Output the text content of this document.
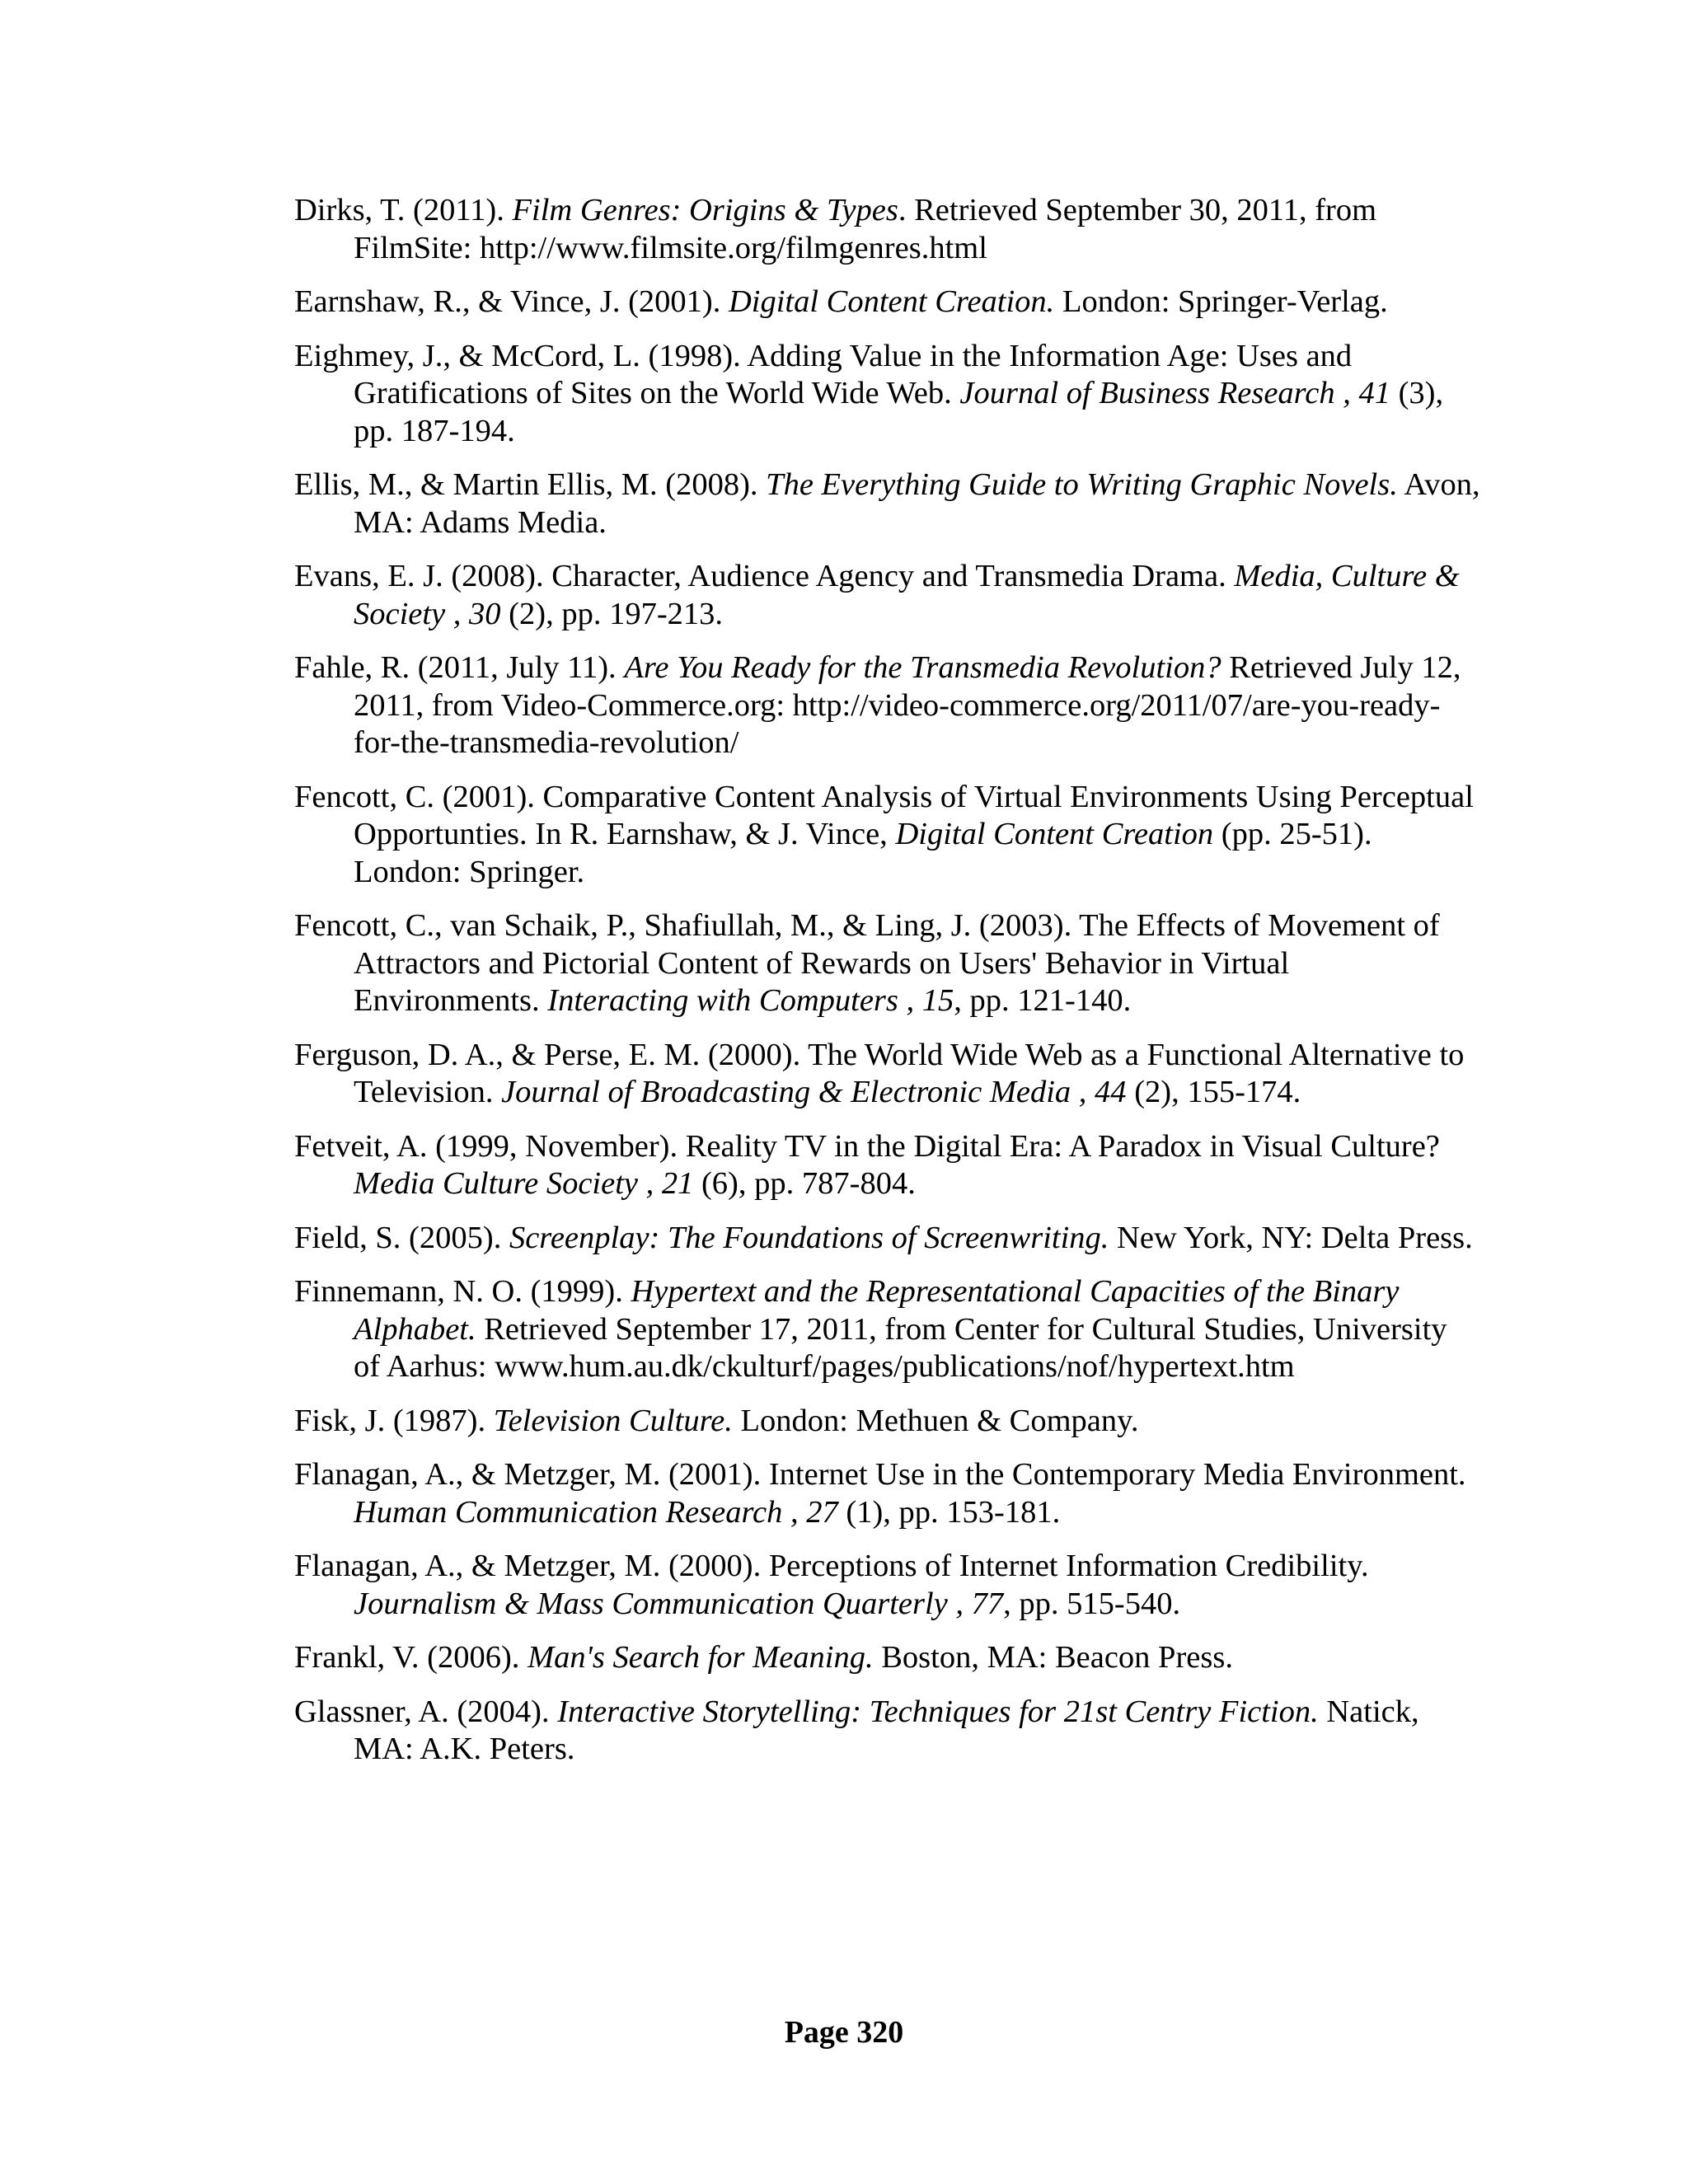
Dirks, T. (2011). Film Genres: Origins & Types. Retrieved September 30, 2011, from FilmSite: http://www.filmsite.org/filmgenres.html

Earnshaw, R., & Vince, J. (2001). Digital Content Creation. London: Springer-Verlag.

Eighmey, J., & McCord, L. (1998). Adding Value in the Information Age: Uses and Gratifications of Sites on the World Wide Web. Journal of Business Research , 41 (3), pp. 187-194.

Ellis, M., & Martin Ellis, M. (2008). The Everything Guide to Writing Graphic Novels. Avon, MA: Adams Media.

Evans, E. J. (2008). Character, Audience Agency and Transmedia Drama. Media, Culture & Society , 30 (2), pp. 197-213.

Fahle, R. (2011, July 11). Are You Ready for the Transmedia Revolution? Retrieved July 12, 2011, from Video-Commerce.org: http://video-commerce.org/2011/07/are-you-ready-for-the-transmedia-revolution/

Fencott, C. (2001). Comparative Content Analysis of Virtual Environments Using Perceptual Opportunties. In R. Earnshaw, & J. Vince, Digital Content Creation (pp. 25-51). London: Springer.

Fencott, C., van Schaik, P., Shafiullah, M., & Ling, J. (2003). The Effects of Movement of Attractors and Pictorial Content of Rewards on Users' Behavior in Virtual Environments. Interacting with Computers , 15, pp. 121-140.

Ferguson, D. A., & Perse, E. M. (2000). The World Wide Web as a Functional Alternative to Television. Journal of Broadcasting & Electronic Media , 44 (2), 155-174.

Fetveit, A. (1999, November). Reality TV in the Digital Era: A Paradox in Visual Culture? Media Culture Society , 21 (6), pp. 787-804.

Field, S. (2005). Screenplay: The Foundations of Screenwriting. New York, NY: Delta Press.

Finnemann, N. O. (1999). Hypertext and the Representational Capacities of the Binary Alphabet. Retrieved September 17, 2011, from Center for Cultural Studies, University of Aarhus: www.hum.au.dk/ckulturf/pages/publications/nof/hypertext.htm

Fisk, J. (1987). Television Culture. London: Methuen & Company.

Flanagan, A., & Metzger, M. (2001). Internet Use in the Contemporary Media Environment. Human Communication Research , 27 (1), pp. 153-181.

Flanagan, A., & Metzger, M. (2000). Perceptions of Internet Information Credibility. Journalism & Mass Communication Quarterly , 77, pp. 515-540.

Frankl, V. (2006). Man's Search for Meaning. Boston, MA: Beacon Press.

Glassner, A. (2004). Interactive Storytelling: Techniques for 21st Centry Fiction. Natick, MA: A.K. Peters.

Page 320
